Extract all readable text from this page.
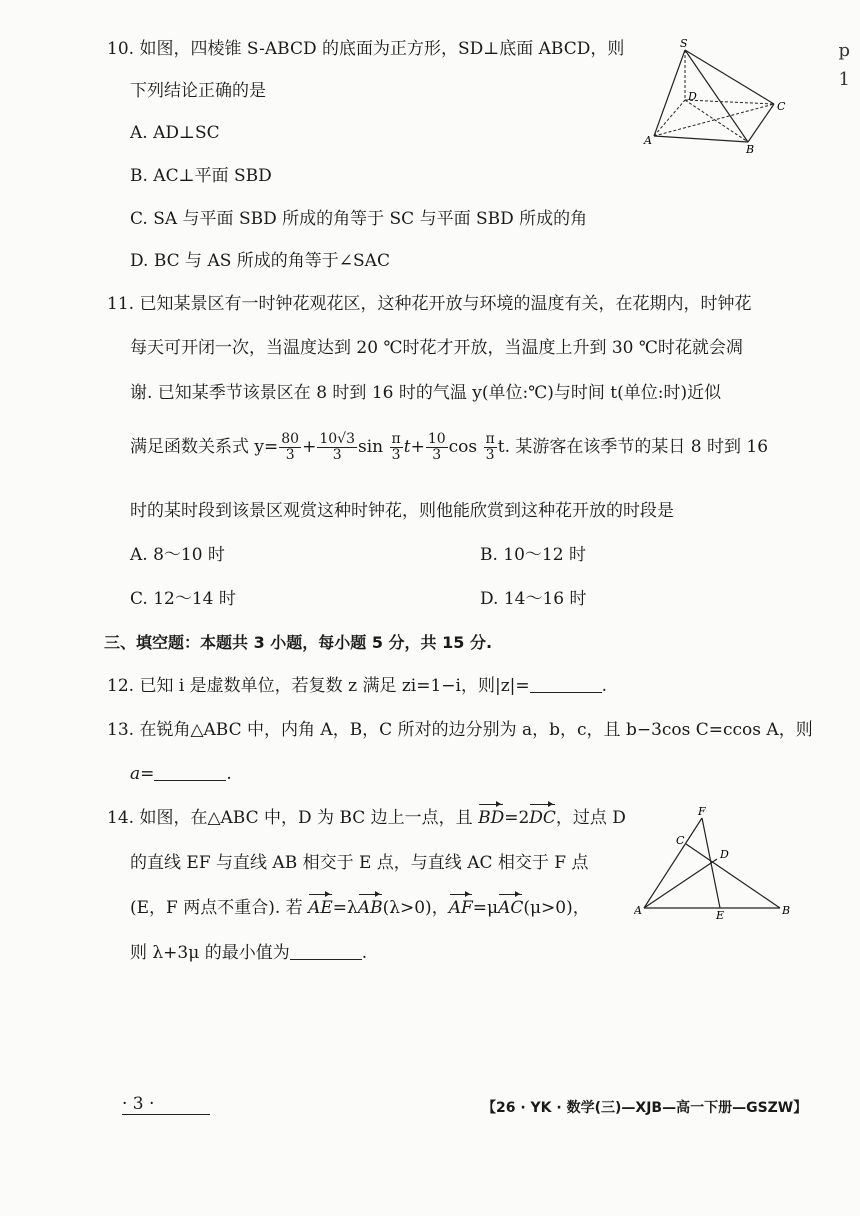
10. 如图，四棱锥 S-ABCD 的底面为正方形，SD⊥底面 ABCD，则
下列结论正确的是
A. AD⊥SC
B. AC⊥平面 SBD
C. SA 与平面 SBD 所成的角等于 SC 与平面 SBD 所成的角
D. BC 与 AS 所成的角等于∠SAC
S
D
C
A
B
11. 已知某景区有一时钟花观花区，这种花开放与环境的温度有关，在花期内，时钟花
每天可开闭一次，当温度达到 20 ℃时花才开放，当温度上升到 30 ℃时花就会凋
谢. 已知某季节该景区在 8 时到 16 时的气温 y(单位:℃)与时间 t(单位:时)近似
满足函数关系式 $y= \frac{80}{3} + \frac{10√3}{3}$ $\sin \frac{\pi}{3} t+ \frac{10}{3}$ $\cos \frac{\pi}{3} t$. 某游客在该季节的某日 8 时到 16
时的某时段到该景区观赏这种时钟花，则他能欣赏到这种花开放的时段是
A. 8～10 时	B. 10～12 时
C. 12～14 时	D. 14～16 时
三、填空题：本题共 3 小题，每小题 5 分，共 15 分.
12. 已知 i 是虚数单位，若复数 z 满足 zi=1−i，则|z|=	.
13. 在锐角△ABC 中，内角 A，B，C 所对的边分别为 a，b，c，且 b−3cos C=ccos A，则
a=	.
14. 如图，在△ABC 中，D 为 BC 边上一点，且 BD=2DC，过点 D
的直线 EF 与直线 AB 相交于 E 点，与直线 AC 相交于 F 点
(E，F 两点不重合). 若 AE=λAB(λ>0)，AF=μAC(μ>0)，
则 λ+3μ 的最小值为	.
F
C
D
A	E	B
p
1
· 3 ·	【26 · YK · 数学(三)—XJB—高一下册—GSZW】
